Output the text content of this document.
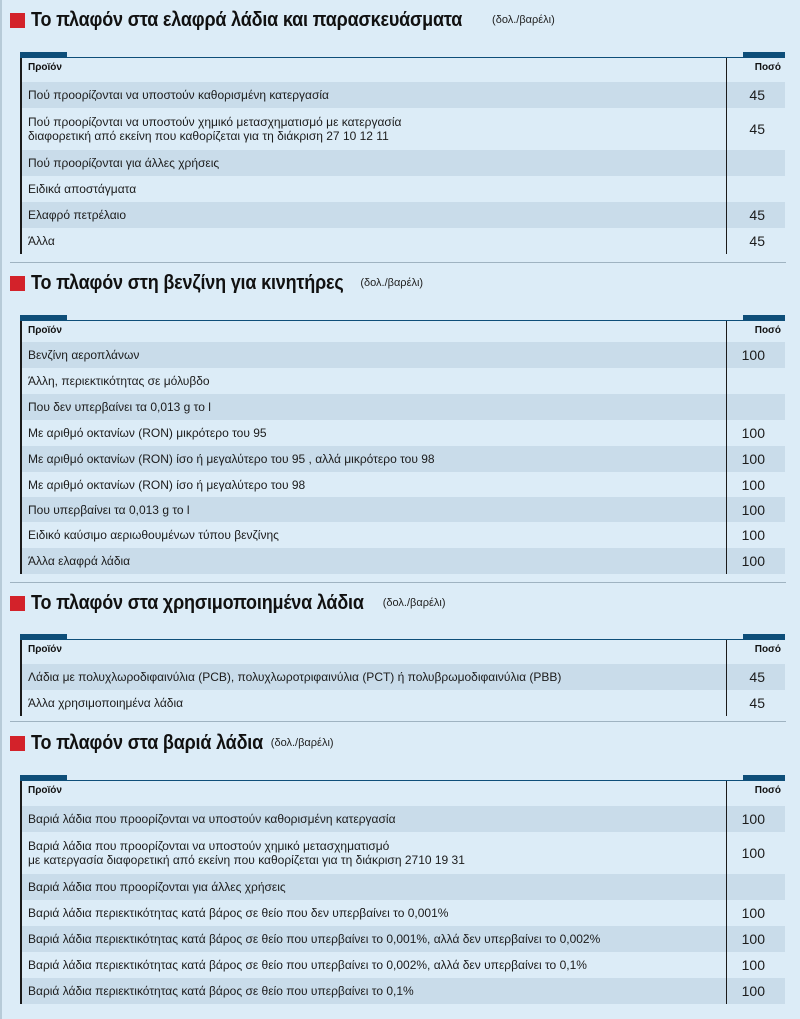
Το πλαφόν στα ελαφρά λάδια και παρασκευάσματα	(δολ./βαρέλι)
Προϊόν	Ποσό
Πού προορίζονται να υποστούν καθορισμένη κατεργασία	45
Πού προορίζονται να υποστούν χημικό μετασχηματισμό με κατεργασία
διαφορετική από εκείνη που καθορίζεται για τη διάκριση 27 10 12 11	45
Πού προορίζονται για άλλες χρήσεις
Ειδικά αποστάγματα
Ελαφρό πετρέλαιο	45
Άλλα	45
Το πλαφόν στη βενζίνη για κινητήρες (δολ./βαρέλι)
Προϊόν	Ποσό
Βενζίνη αεροπλάνων	100
Άλλη, περιεκτικότητας σε μόλυβδο
Που δεν υπερβαίνει τα 0,013 g το l
Με αριθμό οκτανίων (RON) μικρότερο του 95	100
Με αριθμό οκτανίων (RON) ίσο ή μεγαλύτερο του 95 , αλλά μικρότερο του 98	100
Με αριθμό οκτανίων (RON) ίσο ή μεγαλύτερο του 98	100
Που υπερβαίνει τα 0,013 g το l	100
Ειδικό καύσιμο αεριωθουμένων τύπου βενζίνης	100
Άλλα ελαφρά λάδια	100
Το πλαφόν στα χρησιμοποιημένα λάδια (δολ./βαρέλι)
Προϊόν	Ποσό
Λάδια με πολυχλωροδιφαινύλια (PCB), πολυχλωροτριφαινύλια (PCT) ή πολυβρωμοδιφαινύλια (PBB)	45
Άλλα χρησιμοποιημένα λάδια	45
Το πλαφόν στα βαριά λάδια (δολ./βαρέλι)
Προϊόν	Ποσό
Βαριά λάδια που προορίζονται να υποστούν καθορισμένη κατεργασία	100
Βαριά λάδια που προορίζονται να υποστούν χημικό μετασχηματισμό
με κατεργασία διαφορετική από εκείνη που καθορίζεται για τη διάκριση 2710 19 31	100
Βαριά λάδια που προορίζονται για άλλες χρήσεις
Βαριά λάδια περιεκτικότητας κατά βάρος σε θείο που δεν υπερβαίνει το 0,001%	100
Βαριά λάδια περιεκτικότητας κατά βάρος σε θείο που υπερβαίνει το 0,001%, αλλά δεν υπερβαίνει το 0,002%	100
Βαριά λάδια περιεκτικότητας κατά βάρος σε θείο που υπερβαίνει το 0,002%, αλλά δεν υπερβαίνει το 0,1%	100
Βαριά λάδια περιεκτικότητας κατά βάρος σε θείο που υπερβαίνει το 0,1%	100
